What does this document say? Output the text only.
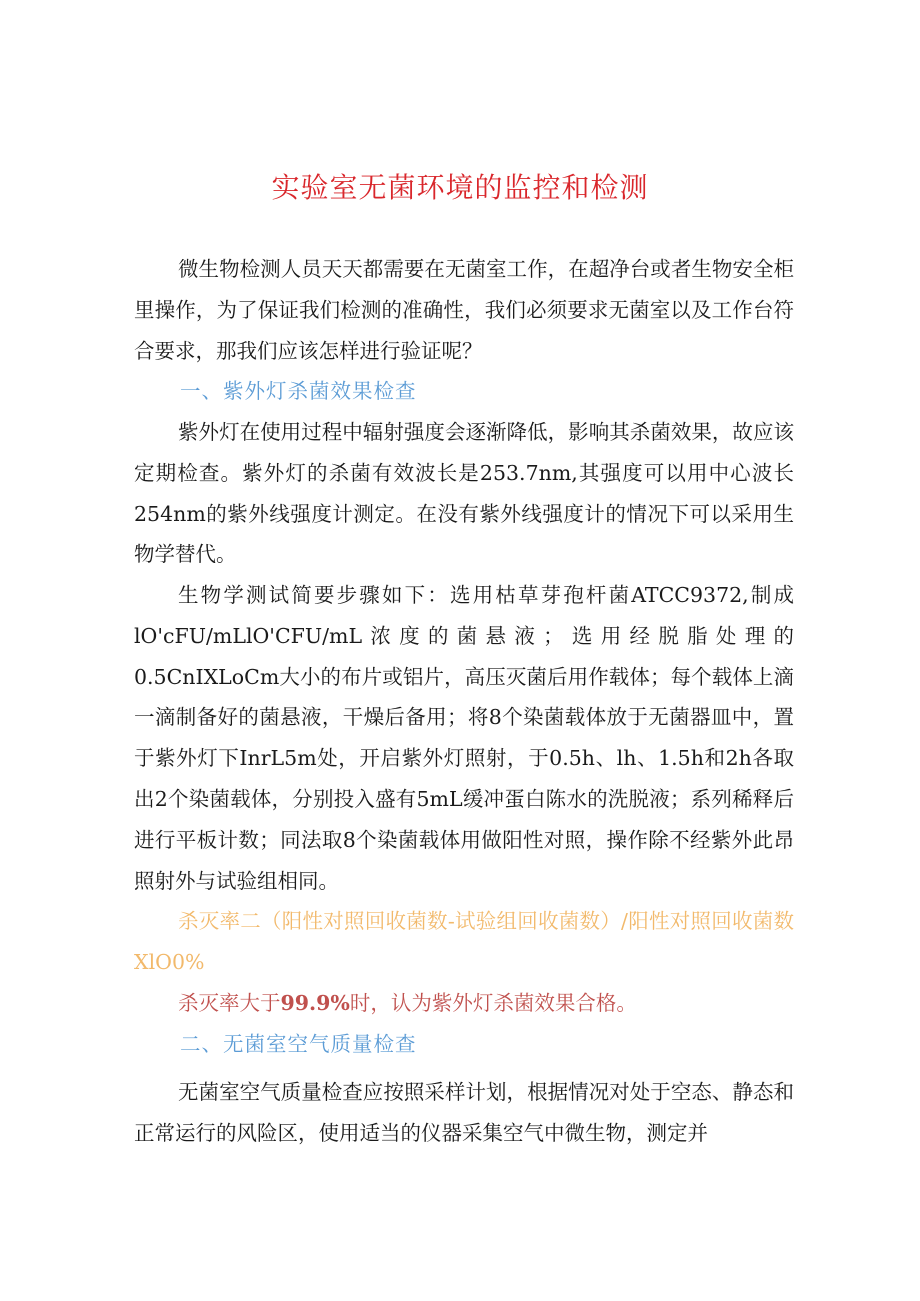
实验室无菌环境的监控和检测

微生物检测人员天天都需要在无菌室工作，在超净台或者生物安全柜里操作，为了保证我们检测的准确性，我们必须要求无菌室以及工作台符合要求，那我们应该怎样进行验证呢？

一、紫外灯杀菌效果检查

紫外灯在使用过程中辐射强度会逐渐降低，影响其杀菌效果，故应该定期检查。紫外灯的杀菌有效波长是253.7nm,其强度可以用中心波长254nm的紫外线强度计测定。在没有紫外线强度计的情况下可以采用生物学替代。

生物学测试简要步骤如下：选用枯草芽孢杆菌ATCC9372,制成lO'cFU/mLlO'CFU/mL浓度的菌悬液；选用经脱脂处理的0.5CnIXLoCm大小的布片或铝片，高压灭菌后用作载体；每个载体上滴一滴制备好的菌悬液，干燥后备用；将8个染菌载体放于无菌器皿中，置于紫外灯下InrL5m处，开启紫外灯照射，于0.5h、lh、1.5h和2h各取出2个染菌载体，分别投入盛有5mL缓冲蛋白陈水的洗脱液；系列稀释后进行平板计数；同法取8个染菌载体用做阳性对照，操作除不经紫外此昂照射外与试验组相同。

杀灭率二（阳性对照回收菌数-试验组回收菌数）/阳性对照回收菌数XlO0%

杀灭率大于99.9%时，认为紫外灯杀菌效果合格。

二、无菌室空气质量检查

无菌室空气质量检查应按照采样计划，根据情况对处于空态、静态和正常运行的风险区，使用适当的仪器采集空气中微生物，测定并
